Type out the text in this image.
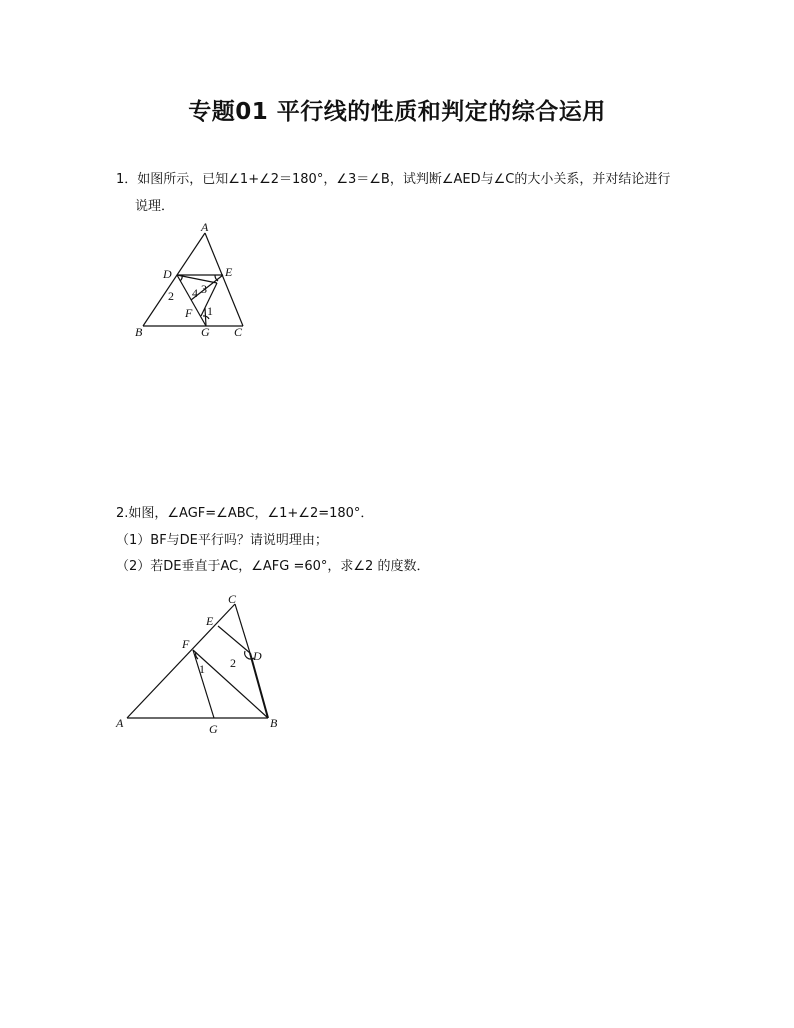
专题01 平行线的性质和判定的综合运用
1．如图所示，已知∠1+∠2＝180°，∠3＝∠B，试判断∠AED与∠C的大小关系，并对结论进行
说理．
A
D	E
B	G C
F 1
2 3
4
2.如图，∠AGF=∠ABC，∠1+∠2=180°．
（1）BF与DE平行吗？请说明理由；
（2）若DE垂直于AC，∠AFG =60°，求∠2 的度数．
C
E
F
D
A	G	B
1 2
